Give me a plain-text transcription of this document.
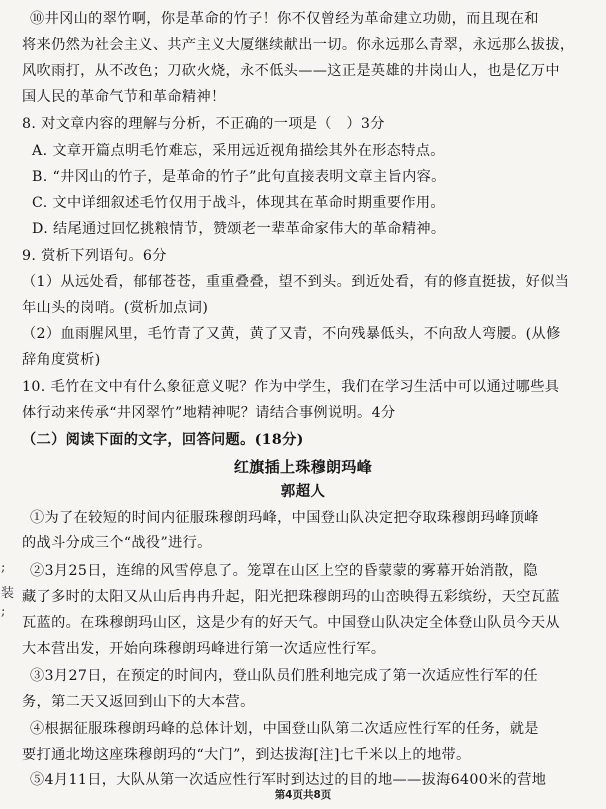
⑩井冈山的翠竹啊，你是革命的竹子！你不仅曾经为革命建立功勋，而且现在和
将来仍然为社会主义、共产主义大厦继续献出一切。你永远那么青翠，永远那么拔拔，
风吹雨打，从不改色；刀砍火烧，永不低头——这正是英雄的井岗山人，也是亿万中
国人民的革命气节和革命精神！
8. 对文章内容的理解与分析，不正确的一项是（　）3分
A. 文章开篇点明毛竹难忘，采用远近视角描绘其外在形态特点。
B. “井冈山的竹子，是革命的竹子”此句直接表明文章主旨内容。
C. 文中详细叙述毛竹仅用于战斗，体现其在革命时期重要作用。
D. 结尾通过回忆挑粮情节，赞颂老一辈革命家伟大的革命精神。
9. 赏析下列语句。6分
（1）从远处看，郁郁苍苍，重重叠叠，望不到头。到近处看，有的修直挺拔，好似当
年山头的岗哨。(赏析加点词)
（2）血雨腥风里，毛竹青了又黄，黄了又青，不向残暴低头，不向敌人弯腰。(从修
辞角度赏析)
10. 毛竹在文中有什么象征意义呢？作为中学生，我们在学习生活中可以通过哪些具
体行动来传承“井冈翠竹”地精神呢？请结合事例说明。4分
（二）阅读下面的文字，回答问题。(18分)
红旗插上珠穆朗玛峰
郭超人
①为了在较短的时间内征服珠穆朗玛峰，中国登山队决定把夺取珠穆朗玛峰顶峰
的战斗分成三个“战役”进行。
②3月25日，连绵的风雪停息了。笼罩在山区上空的昏蒙蒙的雾幕开始消散，隐
藏了多时的太阳又从山后冉冉升起，阳光把珠穆朗玛的山峦映得五彩缤纷，天空瓦蓝
瓦蓝的。在珠穆朗玛山区，这是少有的好天气。中国登山队决定全体登山队员今天从
大本营出发，开始向珠穆朗玛峰进行第一次适应性行军。
③3月27日，在预定的时间内，登山队员们胜利地完成了第一次适应性行军的任
务，第二天又返回到山下的大本营。
④根据征服珠穆朗玛峰的总体计划，中国登山队第二次适应性行军的任务，就是
要打通北坳这座珠穆朗玛的“大门”，到达拔海[注]七千米以上的地带。
⑤4月11日，大队从第一次适应性行军时到达过的目的地——拔海6400米的营地
;
装
;
第4页共8页
